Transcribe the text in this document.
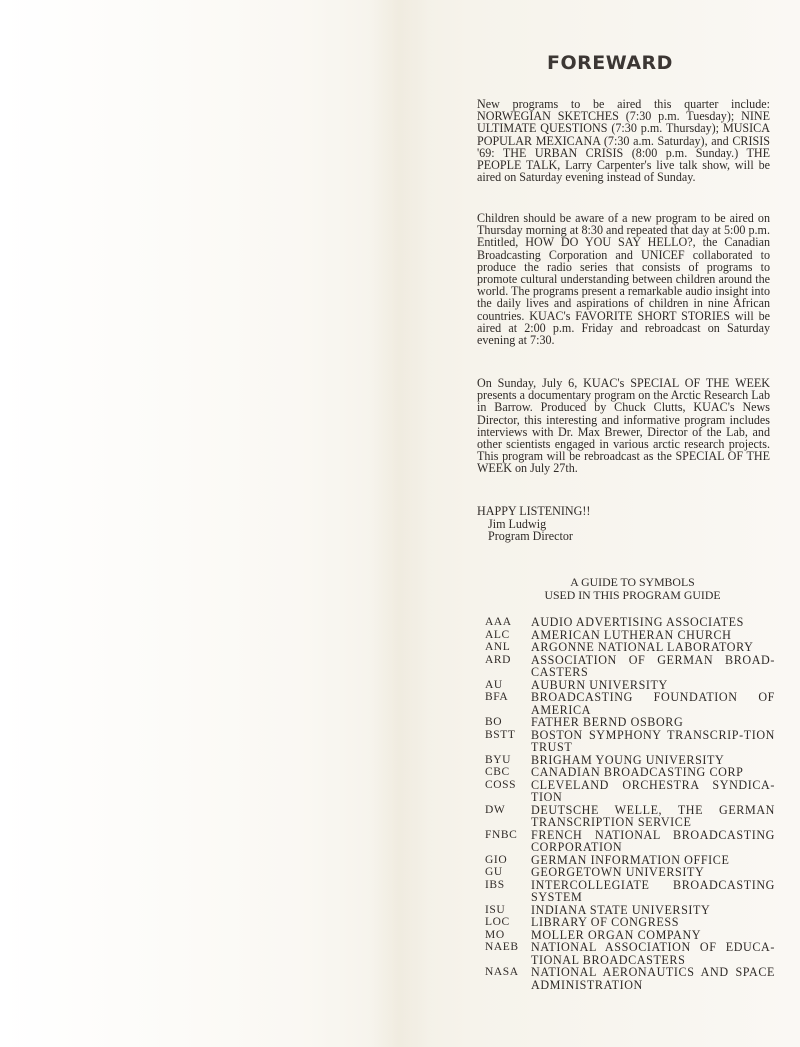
FOREWARD

New programs to be aired this quarter include: NORWEGIAN SKETCHES (7:30 p.m. Tuesday); NINE ULTIMATE QUESTIONS (7:30 p.m. Thursday); MUSICA POPULAR MEXICANA (7:30 a.m. Saturday), and CRISIS '69: THE URBAN CRISIS (8:00 p.m. Sunday.) THE PEOPLE TALK, Larry Carpenter's live talk show, will be aired on Saturday evening instead of Sunday.

Children should be aware of a new program to be aired on Thursday morning at 8:30 and repeated that day at 5:00 p.m. Entitled, HOW DO YOU SAY HELLO?, the Canadian Broadcasting Corporation and UNICEF collaborated to produce the radio series that consists of programs to promote cultural understanding between children around the world. The programs present a remarkable audio insight into the daily lives and aspirations of children in nine African countries. KUAC's FAVORITE SHORT STORIES will be aired at 2:00 p.m. Friday and rebroadcast on Saturday evening at 7:30.

On Sunday, July 6, KUAC's SPECIAL OF THE WEEK presents a documentary program on the Arctic Research Lab in Barrow. Produced by Chuck Clutts, KUAC's News Director, this interesting and informative program includes interviews with Dr. Max Brewer, Director of the Lab, and other scientists engaged in various arctic research projects. This program will be rebroadcast as the SPECIAL OF THE WEEK on July 27th.

HAPPY LISTENING!!
Jim Ludwig
Program Director
A GUIDE TO SYMBOLS
USED IN THIS PROGRAM GUIDE
AAA	AUDIO ADVERTISING ASSOCIATES
ALC	AMERICAN LUTHERAN CHURCH
ANL	ARGONNE NATIONAL LABORATORY
ARD	ASSOCIATION OF GERMAN BROAD-CASTERS
AU	AUBURN UNIVERSITY
BFA	BROADCASTING FOUNDATION OF AMERICA
BO	FATHER BERND OSBORG
BSTT	BOSTON SYMPHONY TRANSCRIP-TION TRUST
BYU	BRIGHAM YOUNG UNIVERSITY
CBC	CANADIAN BROADCASTING CORP
COSS	CLEVELAND ORCHESTRA SYNDICA-TION
DW	DEUTSCHE WELLE, THE GERMAN TRANSCRIPTION SERVICE
FNBC	FRENCH NATIONAL BROADCASTING CORPORATION
GIO	GERMAN INFORMATION OFFICE
GU	GEORGETOWN UNIVERSITY
IBS	INTERCOLLEGIATE BROADCASTING SYSTEM
ISU	INDIANA STATE UNIVERSITY
LOC	LIBRARY OF CONGRESS
MO	MOLLER ORGAN COMPANY
NAEB	NATIONAL ASSOCIATION OF EDUCA-TIONAL BROADCASTERS
NASA	NATIONAL AERONAUTICS AND SPACE ADMINISTRATION
